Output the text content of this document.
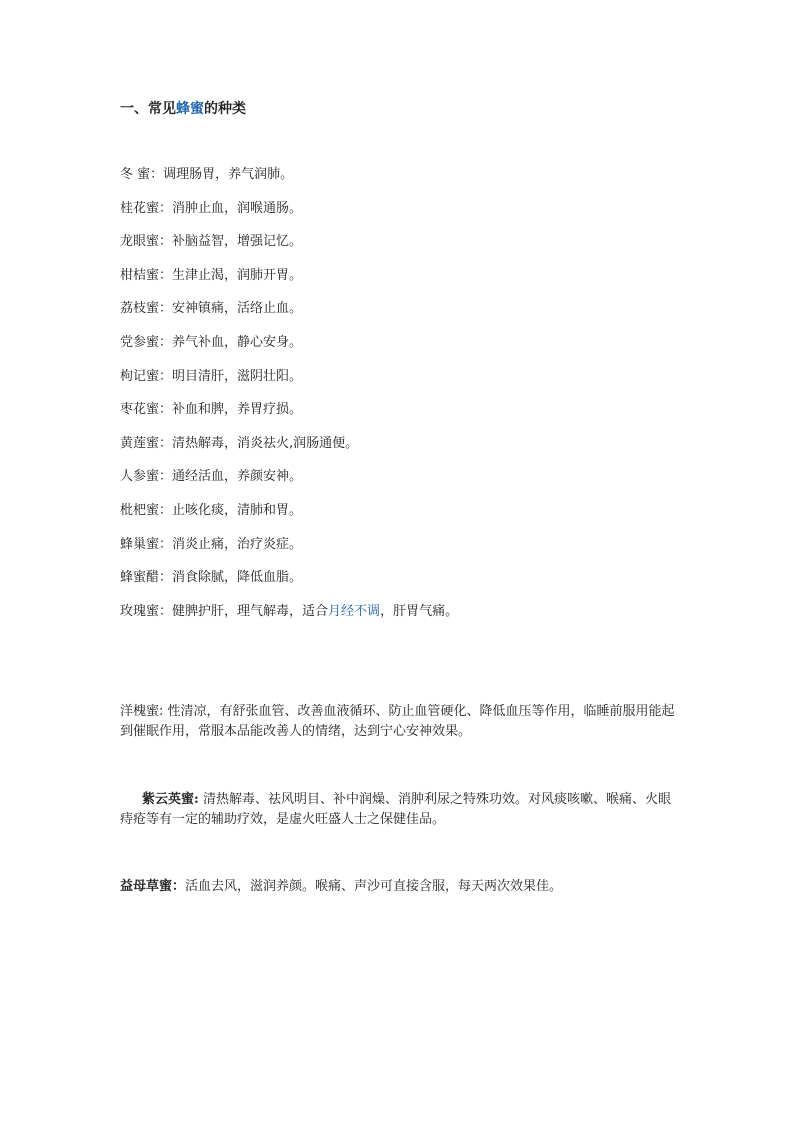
一、常见蜂蜜的种类
冬 蜜：调理肠胃，养气润肺。
桂花蜜：消肿止血，润喉通肠。
龙眼蜜：补脑益智，增强记忆。
柑桔蜜：生津止渴，润肺开胃。
荔枝蜜：安神镇痛，活络止血。
党参蜜：养气补血，静心安身。
枸记蜜：明目清肝，滋阴壮阳。
枣花蜜：补血和脾，养胃疗损。
黄莲蜜：清热解毒，消炎祛火,润肠通便。
人参蜜：通经活血，养颜安神。
枇杷蜜：止咳化痰，清肺和胃。
蜂巢蜜：消炎止痛，治疗炎症。
蜂蜜醋：消食除腻，降低血脂。
玫瑰蜜：健脾护肝，理气解毒，适合月经不调，肝胃气痛。

洋槐蜜: 性清凉，有舒张血管、改善血液循环、防止血管硬化、降低血压等作用，临睡前服用能起到催眠作用，常服本品能改善人的情绪，达到宁心安神效果。

紫云英蜜: 清热解毒、祛风明目、补中润燥、消肿利尿之特殊功效。对风痰咳嗽、喉痛、火眼痔疮等有一定的辅助疗效，是虚火旺盛人士之保健佳品。

益母草蜜：活血去风，滋润养颜。喉痛、声沙可直接含服，每天两次效果佳。
